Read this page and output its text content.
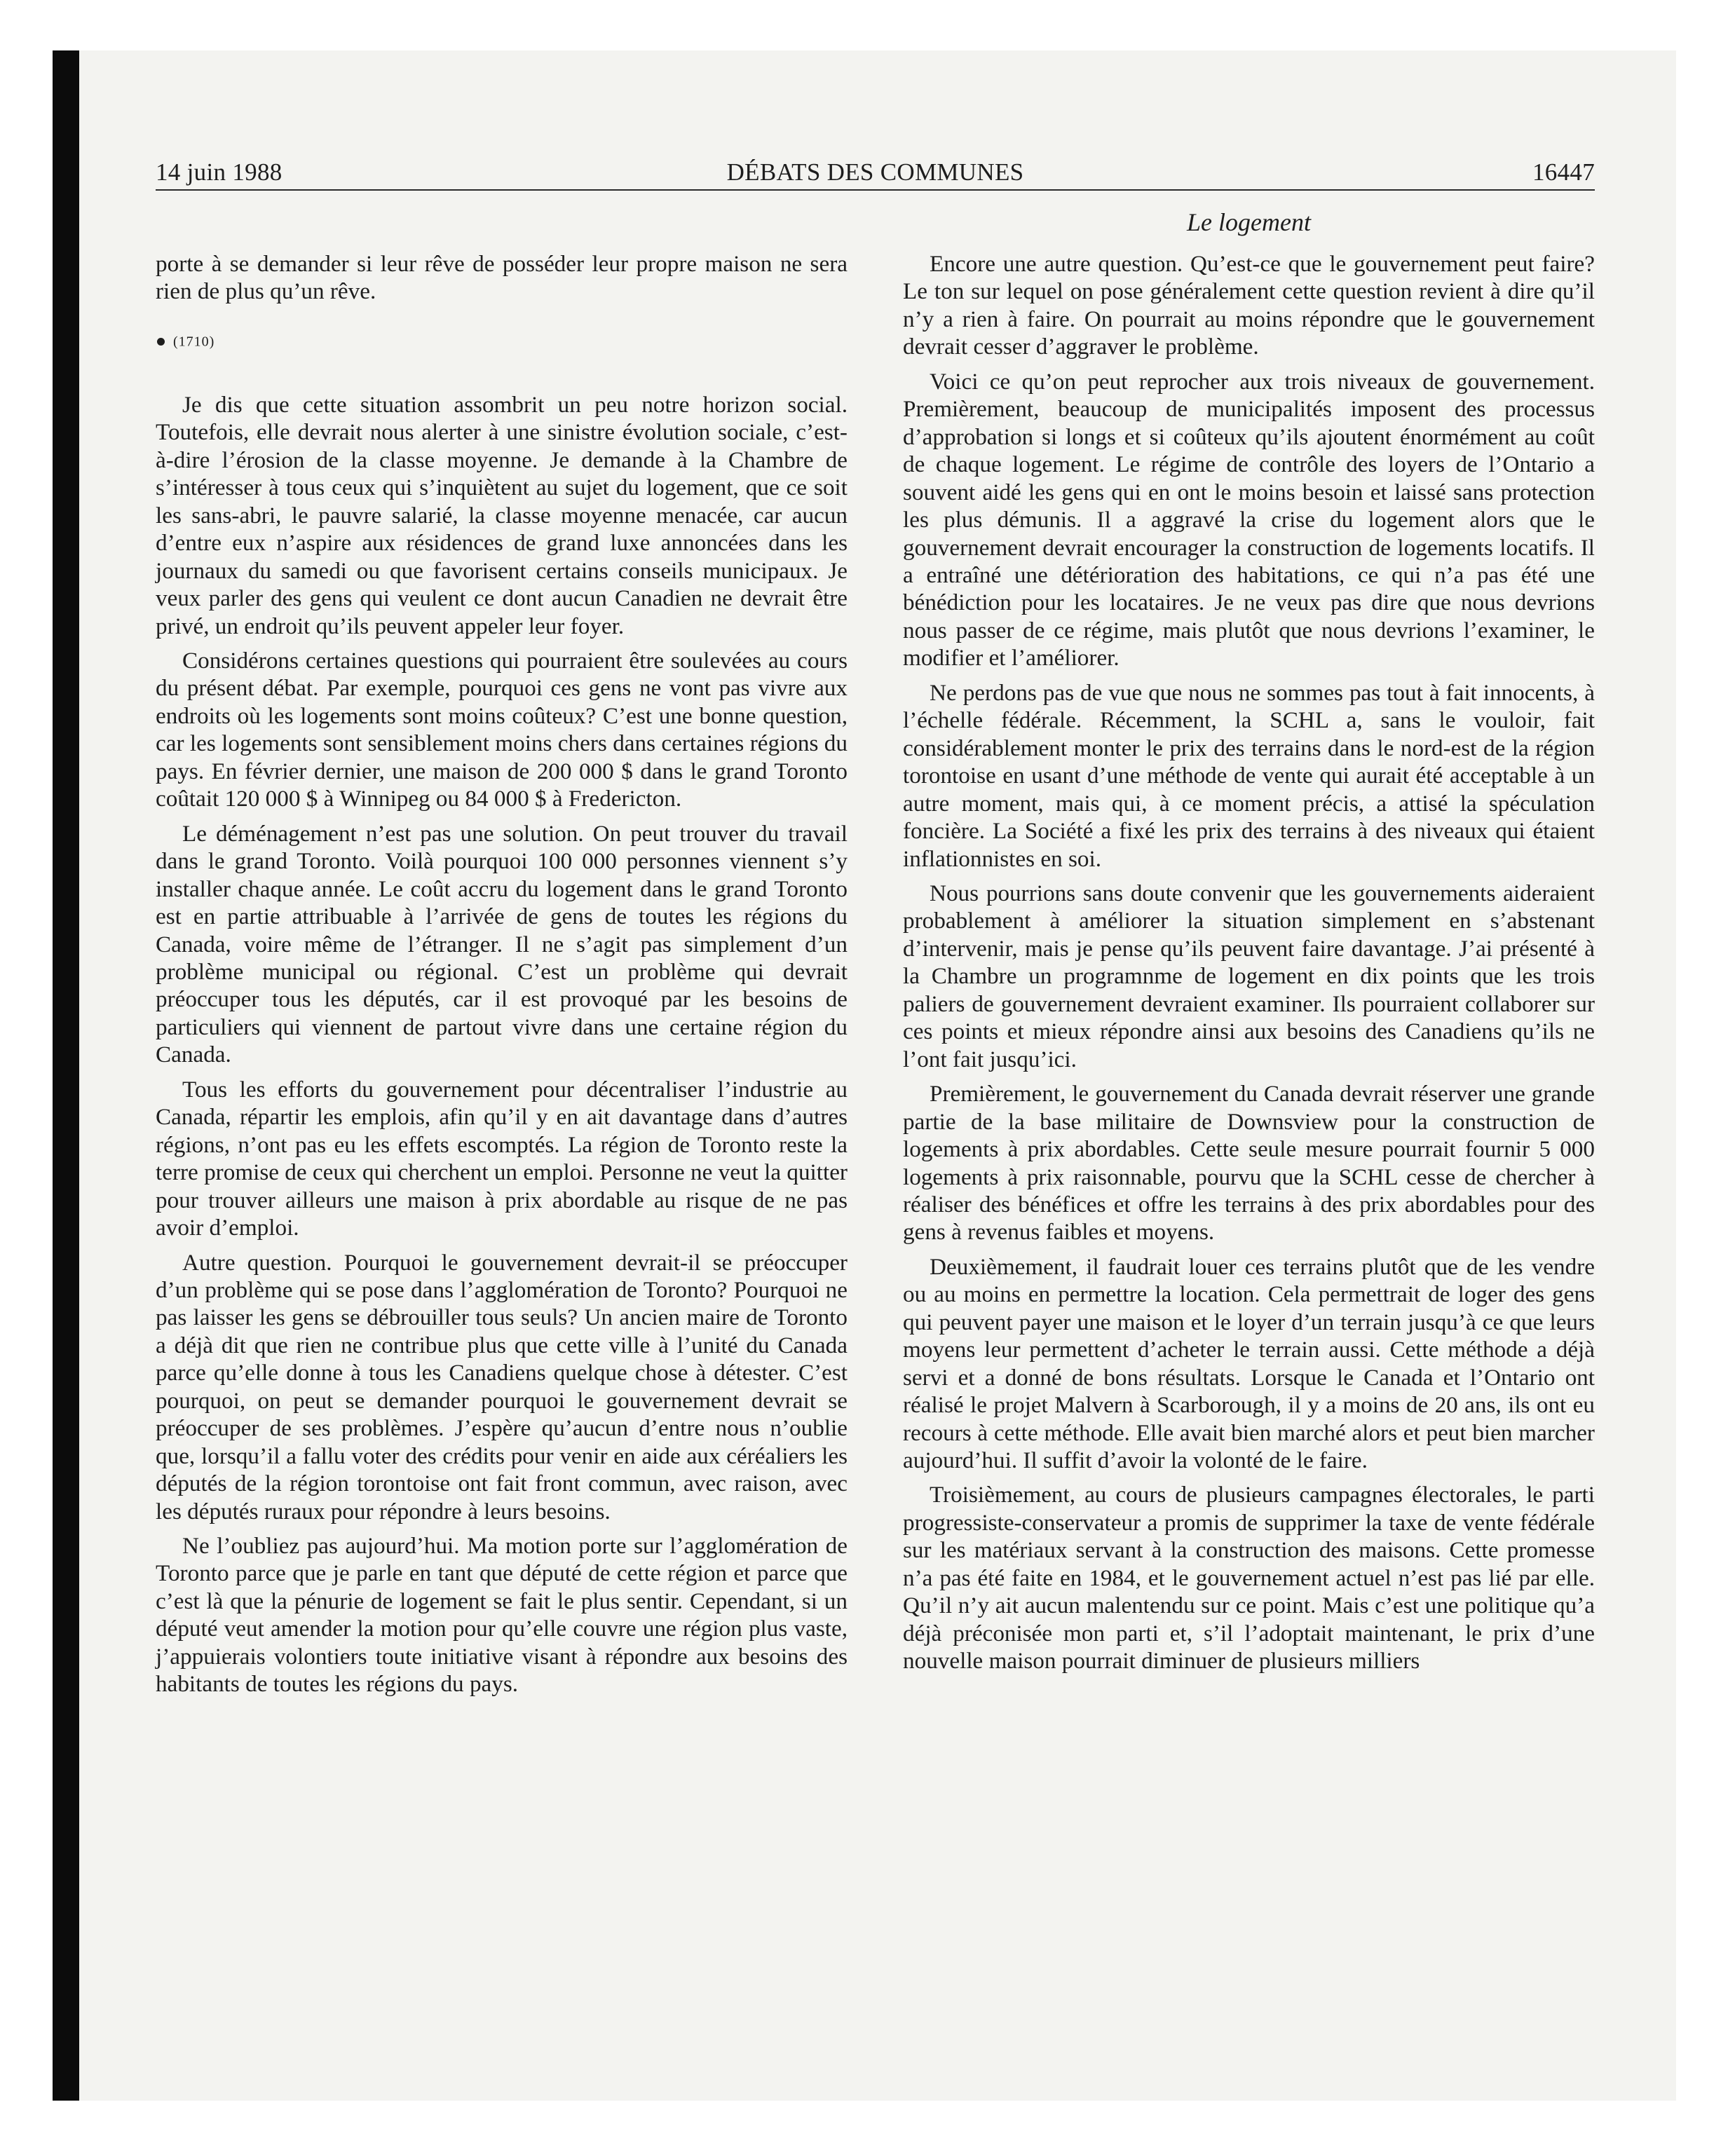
14 juin 1988	DÉBATS DES COMMUNES	16447
Le logement

porte à se demander si leur rêve de posséder leur propre maison ne sera rien de plus qu’un rêve.

(1710)

Je dis que cette situation assombrit un peu notre horizon social. Toutefois, elle devrait nous alerter à une sinistre évolution sociale, c’est-à-dire l’érosion de la classe moyenne. Je demande à la Chambre de s’intéresser à tous ceux qui s’inquiètent au sujet du logement, que ce soit les sans-abri, le pauvre salarié, la classe moyenne menacée, car aucun d’entre eux n’aspire aux résidences de grand luxe annoncées dans les journaux du samedi ou que favorisent certains conseils municipaux. Je veux parler des gens qui veulent ce dont aucun Canadien ne devrait être privé, un endroit qu’ils peuvent appeler leur foyer.

Considérons certaines questions qui pourraient être soulevées au cours du présent débat. Par exemple, pourquoi ces gens ne vont pas vivre aux endroits où les logements sont moins coûteux? C’est une bonne question, car les logements sont sensiblement moins chers dans certaines régions du pays. En février dernier, une maison de 200 000 $ dans le grand Toronto coûtait 120 000 $ à Winnipeg ou 84 000 $ à Fredericton.

Le déménagement n’est pas une solution. On peut trouver du travail dans le grand Toronto. Voilà pourquoi 100 000 personnes viennent s’y installer chaque année. Le coût accru du logement dans le grand Toronto est en partie attribuable à l’arrivée de gens de toutes les régions du Canada, voire même de l’étranger. Il ne s’agit pas simplement d’un problème municipal ou régional. C’est un problème qui devrait préoccuper tous les députés, car il est provoqué par les besoins de particuliers qui viennent de partout vivre dans une certaine région du Canada.

Tous les efforts du gouvernement pour décentraliser l’industrie au Canada, répartir les emplois, afin qu’il y en ait davantage dans d’autres régions, n’ont pas eu les effets escomptés. La région de Toronto reste la terre promise de ceux qui cherchent un emploi. Personne ne veut la quitter pour trouver ailleurs une maison à prix abordable au risque de ne pas avoir d’emploi.

Autre question. Pourquoi le gouvernement devrait-il se préoccuper d’un problème qui se pose dans l’agglomération de Toronto? Pourquoi ne pas laisser les gens se débrouiller tous seuls? Un ancien maire de Toronto a déjà dit que rien ne contribue plus que cette ville à l’unité du Canada parce qu’elle donne à tous les Canadiens quelque chose à détester. C’est pourquoi, on peut se demander pourquoi le gouvernement devrait se préoccuper de ses problèmes. J’espère qu’aucun d’entre nous n’oublie que, lorsqu’il a fallu voter des crédits pour venir en aide aux céréaliers les députés de la région torontoise ont fait front commun, avec raison, avec les députés ruraux pour répondre à leurs besoins.

Ne l’oubliez pas aujourd’hui. Ma motion porte sur l’agglomération de Toronto parce que je parle en tant que député de cette région et parce que c’est là que la pénurie de logement se fait le plus sentir. Cependant, si un député veut amender la motion pour qu’elle couvre une région plus vaste, j’appuierais volontiers toute initiative visant à répondre aux besoins des habitants de toutes les régions du pays.

Encore une autre question. Qu’est-ce que le gouvernement peut faire? Le ton sur lequel on pose généralement cette question revient à dire qu’il n’y a rien à faire. On pourrait au moins répondre que le gouvernement devrait cesser d’aggraver le problème.

Voici ce qu’on peut reprocher aux trois niveaux de gouvernement. Premièrement, beaucoup de municipalités imposent des processus d’approbation si longs et si coûteux qu’ils ajoutent énormément au coût de chaque logement. Le régime de contrôle des loyers de l’Ontario a souvent aidé les gens qui en ont le moins besoin et laissé sans protection les plus démunis. Il a aggravé la crise du logement alors que le gouvernement devrait encourager la construction de logements locatifs. Il a entraîné une détérioration des habitations, ce qui n’a pas été une bénédiction pour les locataires. Je ne veux pas dire que nous devrions nous passer de ce régime, mais plutôt que nous devrions l’examiner, le modifier et l’améliorer.

Ne perdons pas de vue que nous ne sommes pas tout à fait innocents, à l’échelle fédérale. Récemment, la SCHL a, sans le vouloir, fait considérablement monter le prix des terrains dans le nord-est de la région torontoise en usant d’une méthode de vente qui aurait été acceptable à un autre moment, mais qui, à ce moment précis, a attisé la spéculation foncière. La Société a fixé les prix des terrains à des niveaux qui étaient inflationnistes en soi.

Nous pourrions sans doute convenir que les gouvernements aideraient probablement à améliorer la situation simplement en s’abstenant d’intervenir, mais je pense qu’ils peuvent faire davantage. J’ai présenté à la Chambre un programnme de logement en dix points que les trois paliers de gouvernement devraient examiner. Ils pourraient collaborer sur ces points et mieux répondre ainsi aux besoins des Canadiens qu’ils ne l’ont fait jusqu’ici.

Premièrement, le gouvernement du Canada devrait réserver une grande partie de la base militaire de Downsview pour la construction de logements à prix abordables. Cette seule mesure pourrait fournir 5 000 logements à prix raisonnable, pourvu que la SCHL cesse de chercher à réaliser des bénéfices et offre les terrains à des prix abordables pour des gens à revenus faibles et moyens.

Deuxièmement, il faudrait louer ces terrains plutôt que de les vendre ou au moins en permettre la location. Cela permettrait de loger des gens qui peuvent payer une maison et le loyer d’un terrain jusqu’à ce que leurs moyens leur permettent d’acheter le terrain aussi. Cette méthode a déjà servi et a donné de bons résultats. Lorsque le Canada et l’Ontario ont réalisé le projet Malvern à Scarborough, il y a moins de 20 ans, ils ont eu recours à cette méthode. Elle avait bien marché alors et peut bien marcher aujourd’hui. Il suffit d’avoir la volonté de le faire.

Troisièmement, au cours de plusieurs campagnes électorales, le parti progressiste-conservateur a promis de supprimer la taxe de vente fédérale sur les matériaux servant à la construction des maisons. Cette promesse n’a pas été faite en 1984, et le gouvernement actuel n’est pas lié par elle. Qu’il n’y ait aucun malentendu sur ce point. Mais c’est une politique qu’a déjà préconisée mon parti et, s’il l’adoptait maintenant, le prix d’une nouvelle maison pourrait diminuer de plusieurs milliers
